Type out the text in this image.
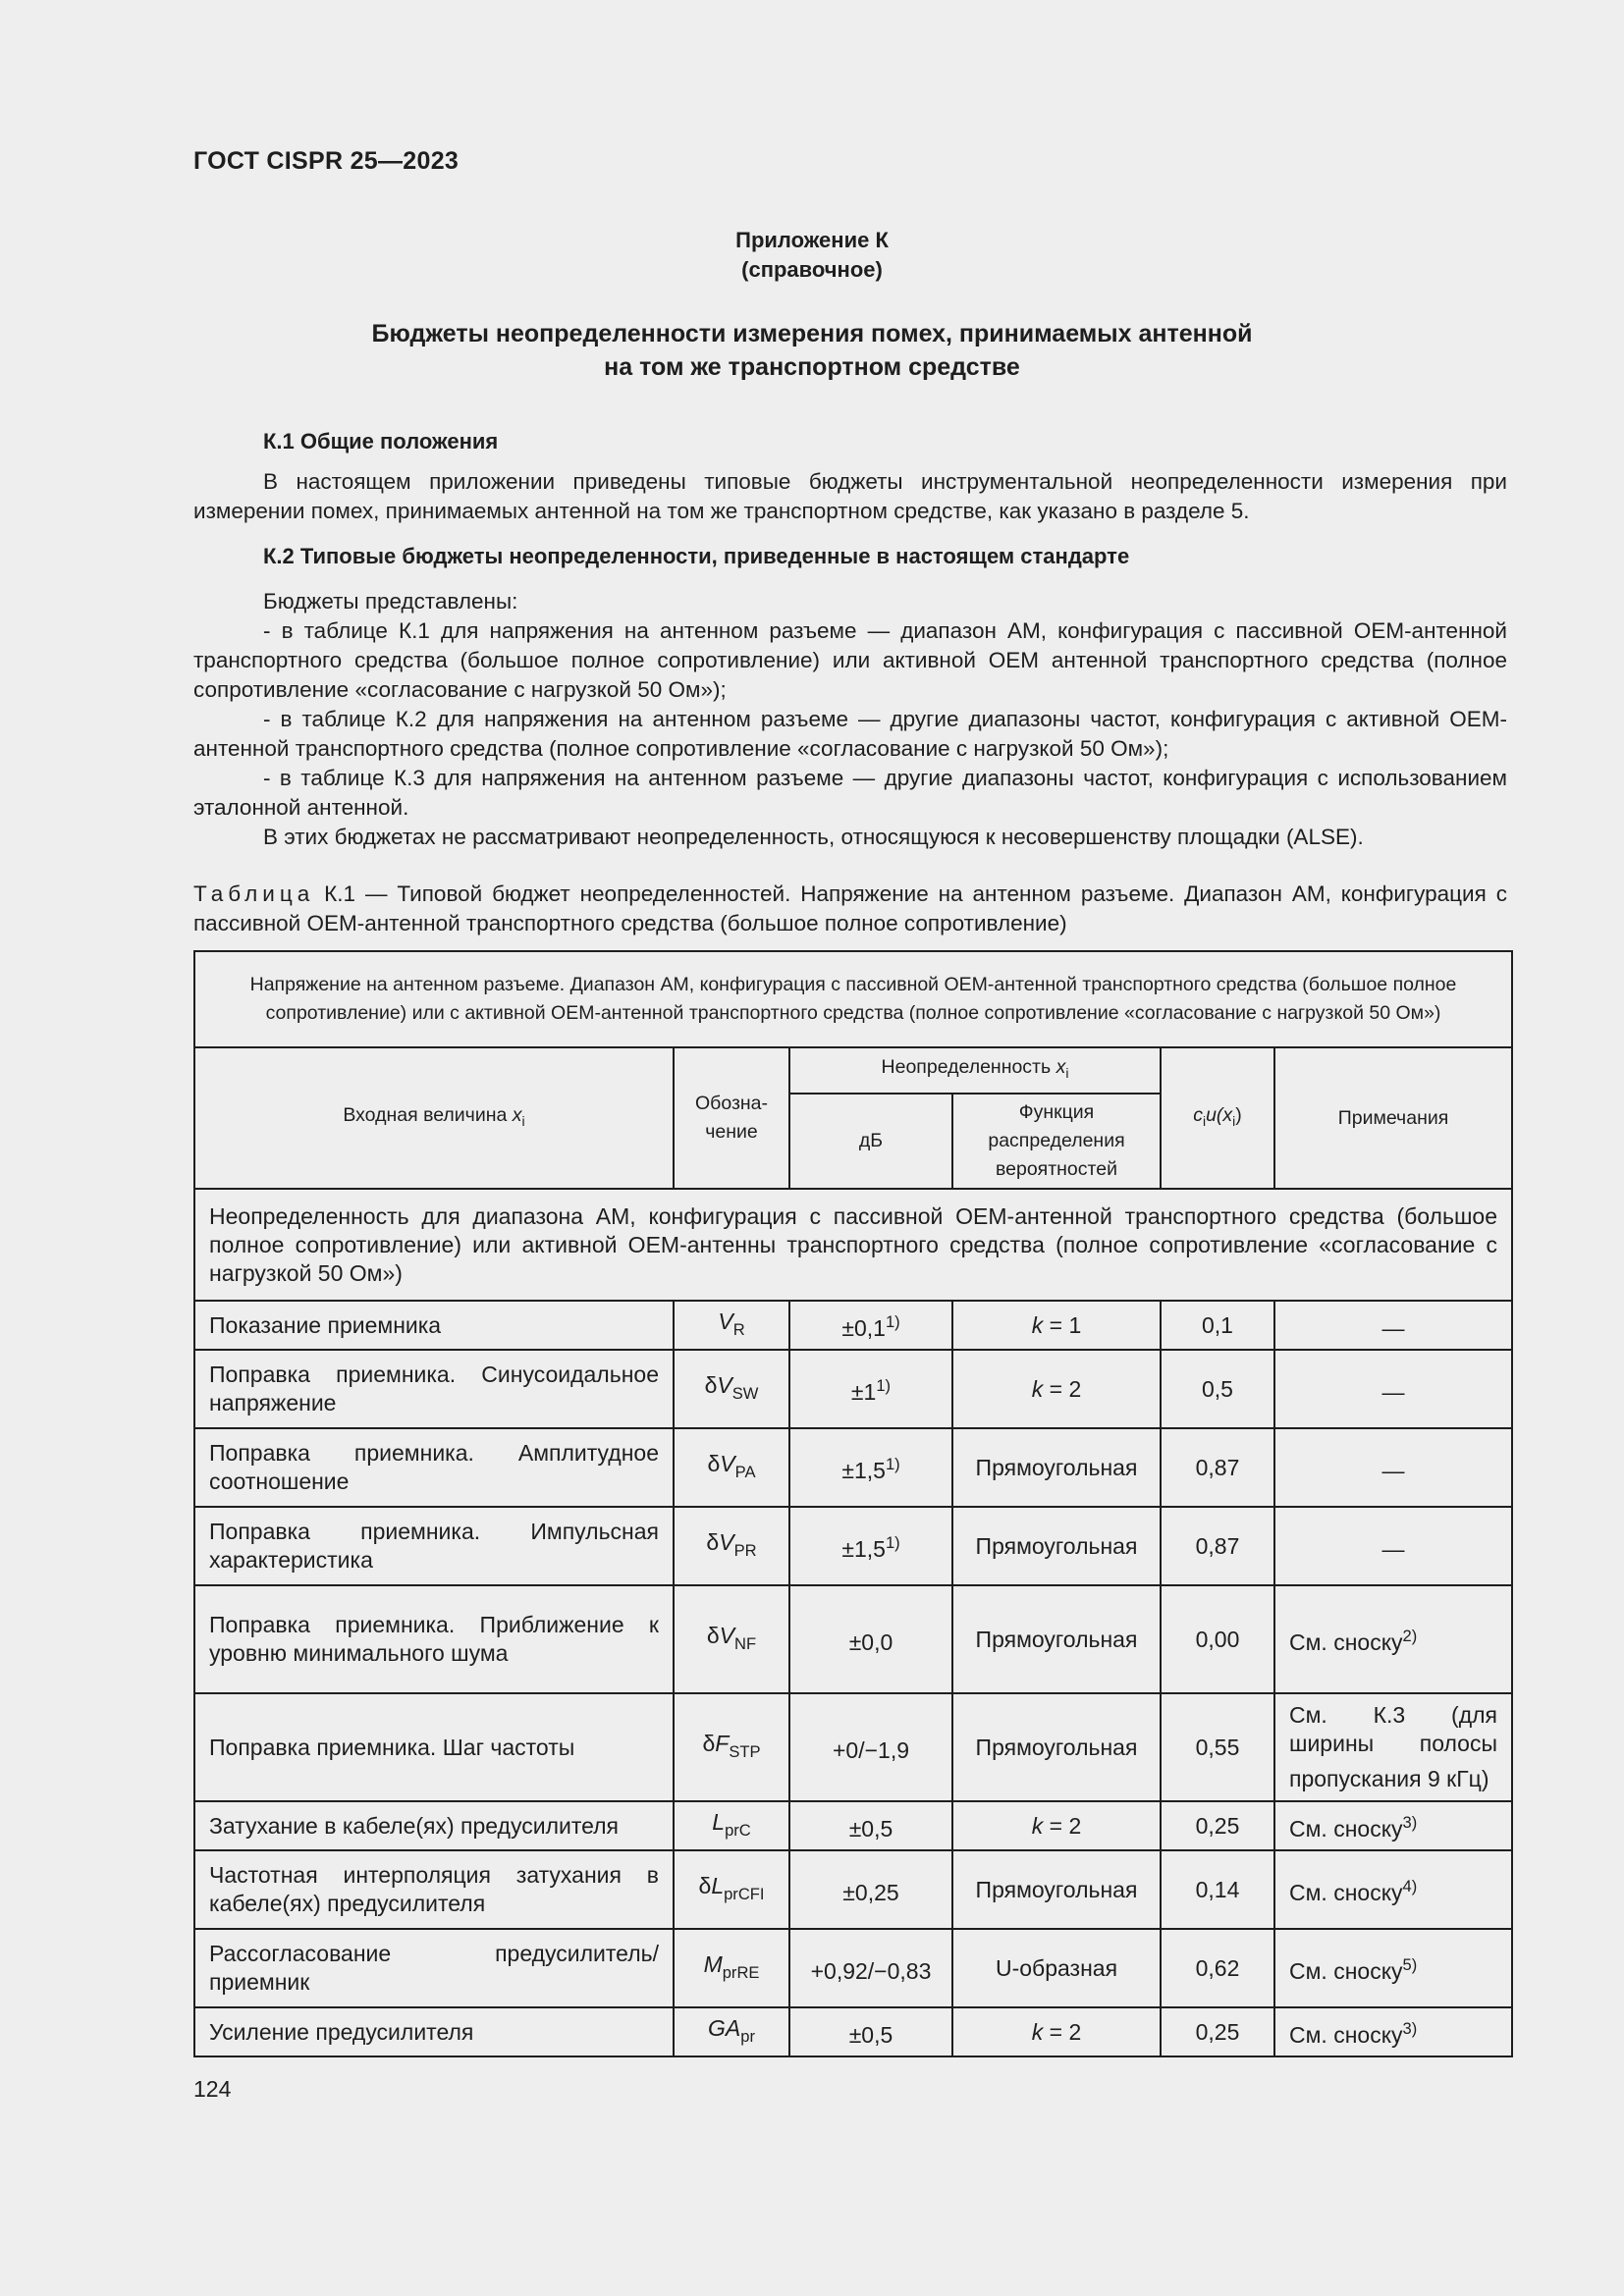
ГОСТ CISPR 25—2023
Приложение К
(справочное)
Бюджеты неопределенности измерения помех, принимаемых антенной
на том же транспортном средстве
К.1 Общие положения

В настоящем приложении приведены типовые бюджеты инструментальной неопределенности измерения при измерении помех, принимаемых антенной на том же транспортном средстве, как указано в разделе 5.

К.2 Типовые бюджеты неопределенности, приведенные в настоящем стандарте

Бюджеты представлены:

- в таблице К.1 для напряжения на антенном разъеме — диапазон АМ, конфигурация с пассивной OEM-антенной транспортного средства (большое полное сопротивление) или активной OEM антенной транспортного средства (полное сопротивление «согласование с нагрузкой 50 Ом»);

- в таблице К.2 для напряжения на антенном разъеме — другие диапазоны частот, конфигурация с активной OEM-антенной транспортного средства (полное сопротивление «согласование с нагрузкой 50 Ом»);

- в таблице К.3 для напряжения на антенном разъеме — другие диапазоны частот, конфигурация с использованием эталонной антенной.

В этих бюджетах не рассматривают неопределенность, относящуюся к несовершенству площадки (ALSE).

Таблица К.1 — Типовой бюджет неопределенностей. Напряжение на антенном разъеме. Диапазон АМ, конфигурация с пассивной OEM-антенной транспортного средства (большое полное сопротивление)
Напряжение на антенном разъеме. Диапазон АМ, конфигурация с пассивной OEM-антенной транспортного средства (большое полное сопротивление) или с активной OEM-антенной транспортного средства (полное сопротивление «согласование с нагрузкой 50 Ом»)					
Входная величина $x_i$	Обозна-чение	Неопределенность $x_i$		$c_iu(x_i)$	Примечания
		дБ	Функция распределения вероятностей		
Неопределенность для диапазона АМ, конфигурация с пассивной OEM-антенной транспортного средства (большое полное сопротивление) или активной OEM-антенны транспортного средства (полное сопротивление «согласование с нагрузкой 50 Ом»)					
Показание приемника	$V_R$	$\pm 0,1^{1)}$	k = 1	0,1	—
Поправка приемника. Синусоидальное напряжение	$\delta V_{SW}$	$\pm 1^{1)}$	k = 2	0,5	—
Поправка приемника. Амплитудное соотношение	$\delta V_{PA}$	$\pm 1,5^{1)}$	Прямоугольная	0,87	—
Поправка приемника. Импульсная характеристика	$\delta V_{PR}$	$\pm 1,5^{1)}$	Прямоугольная	0,87	—
Поправка приемника. Приближение к уровню минимального шума	$\delta V_{NF}$	±0,0	Прямоугольная	0,00	См. сноску$^{2)}$
Поправка приемника. Шаг частоты	$\delta F_{STP}$	+0/−1,9	Прямоугольная	0,55	См. К.3 (для ширины полосы пропускания 9 кГц)
Затухание в кабеле(ях) предусилителя	$L_{prC}$	±0,5	k = 2	0,25	См. сноску$^{3)}$
Частотная интерполяция затухания в кабеле(ях) предусилителя	$\delta L_{prCFI}$	±0,25	Прямоугольная	0,14	См. сноску$^{4)}$
Рассогласование предусилитель/приемник	$M_{prRE}$	+0,92/−0,83	U-образная	0,62	См. сноску$^{5)}$
Усиление предусилителя	$GA_{pr}$	±0,5	k = 2	0,25	См. сноску$^{3)}$
124
